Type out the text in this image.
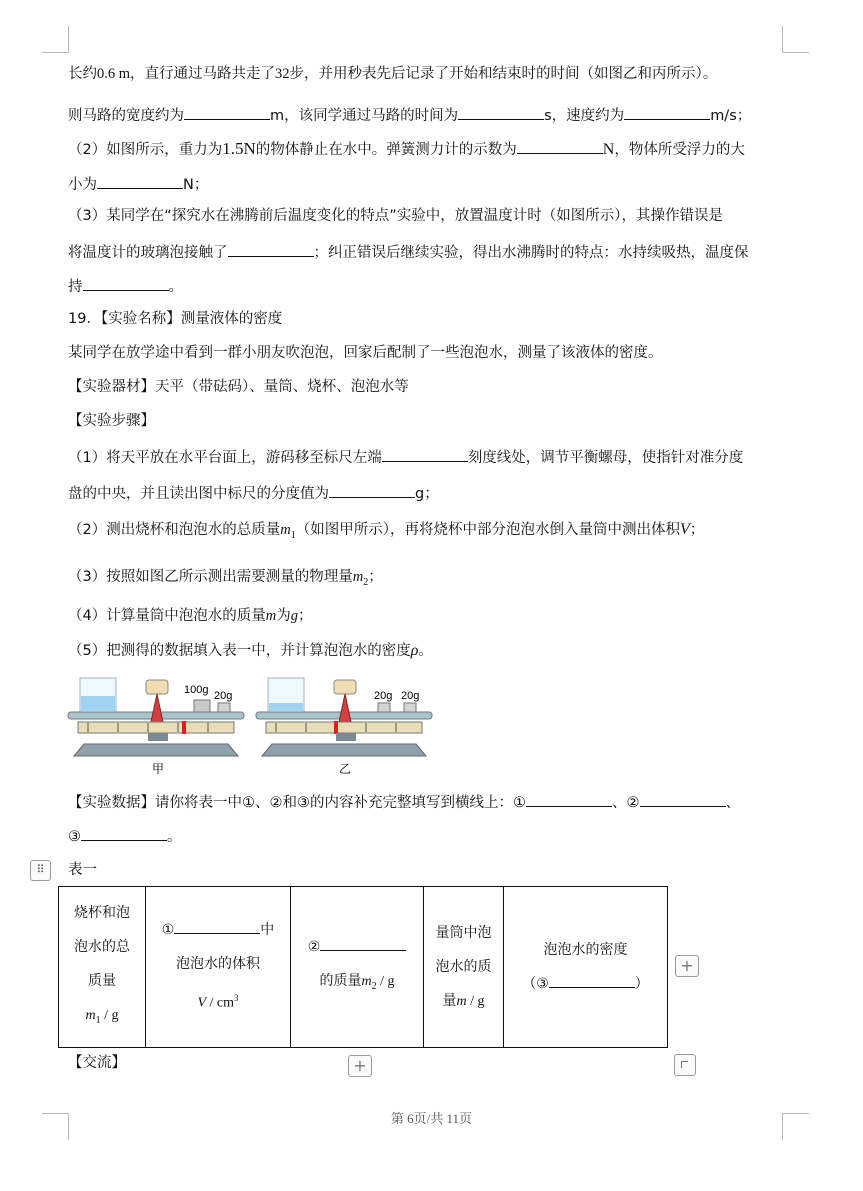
长约0.6 m，直行通过马路共走了32步，并用秒表先后记录了开始和结束时的时间（如图乙和丙所示）。
则马路的宽度约为	m，该同学通过马路的时间为	s，速度约为	m/s；
（2）如图所示，重力为1.5N的物体静止在水中。弹簧测力计的示数为	N，物体所受浮力的大
小为	N；
（3）某同学在“探究水在沸腾前后温度变化的特点”实验中，放置温度计时（如图所示），其操作错误是
将温度计的玻璃泡接触了	；纠正错误后继续实验，得出水沸腾时的特点：水持续吸热，温度保
持	。
19．【实验名称】测量液体的密度
某同学在放学途中看到一群小朋友吹泡泡，回家后配制了一些泡泡水，测量了该液体的密度。
【实验器材】天平（带砝码）、量筒、烧杯、泡泡水等
【实验步骤】
（1）将天平放在水平台面上，游码移至标尺左端	刻度线处，调节平衡螺母，使指针对准分度
盘的中央，并且读出图中标尺的分度值为	g；
（2）测出烧杯和泡泡水的总质量$m_1$（如图甲所示），再将烧杯中部分泡泡水倒入量筒中测出体积V；
（3）按照如图乙所示测出需要测量的物理量$m_2$；
（4）计算量筒中泡泡水的质量m为g；
（5）把测得的数据填入表一中，并计算泡泡水的密度ρ。
100g 20g
甲
20g 20g
乙
【实验数据】请你将表一中①、②和③的内容补充完整填写到横线上：①	、②	、
③	。
⠿	表一
烧杯和泡
泡水的总
质量
$m_1$ / g

①	中
泡泡水的体积
V / $cm^3$

②
的质量$m_2$ / g

量筒中泡
泡水的质
量m / g

泡泡水的密度
（③	）
+
+
【交流】
第 6页/共 11页
